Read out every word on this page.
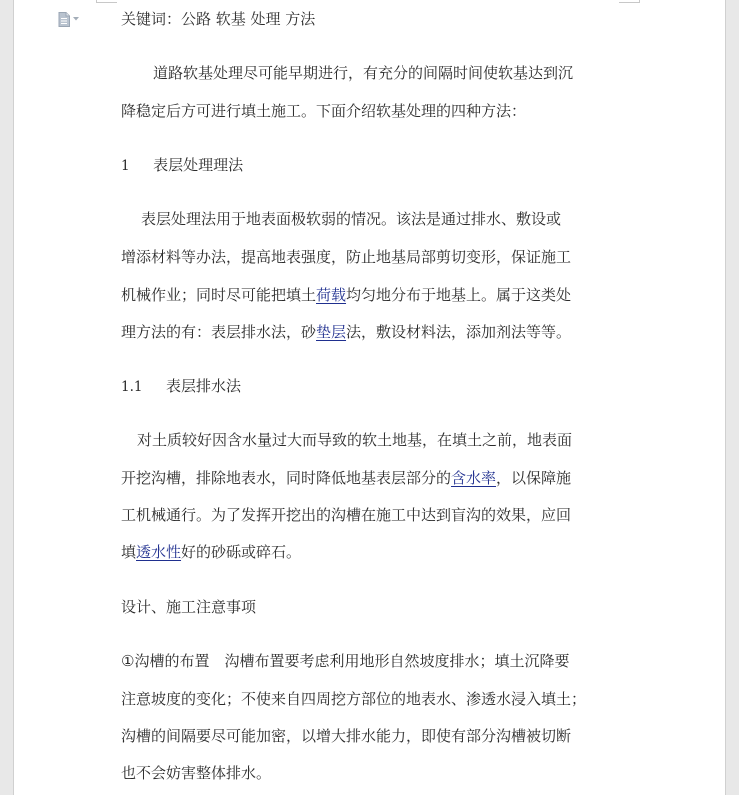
关键词：公路 软基 处理 方法
道路软基处理尽可能早期进行，有充分的间隔时间使软基达到沉
降稳定后方可进行填土施工。下面介绍软基处理的四种方法：
1 表层处理理法
表层处理法用于地表面极软弱的情况。该法是通过排水、敷设或
增添材料等办法，提高地表强度，防止地基局部剪切变形，保证施工
机械作业；同时尽可能把填土荷载均匀地分布于地基上。属于这类处
理方法的有：表层排水法，砂垫层法，敷设材料法，添加剂法等等。
1.1 表层排水法
对土质较好因含水量过大而导致的软土地基，在填土之前，地表面
开挖沟槽，排除地表水，同时降低地基表层部分的含水率，以保障施
工机械通行。为了发挥开挖出的沟槽在施工中达到盲沟的效果，应回
填透水性好的砂砾或碎石。
设计、施工注意事项
①沟槽的布置　沟槽布置要考虑利用地形自然坡度排水；填土沉降要
注意坡度的变化；不使来自四周挖方部位的地表水、渗透水浸入填土；
沟槽的间隔要尽可能加密，以增大排水能力，即使有部分沟槽被切断
也不会妨害整体排水。
